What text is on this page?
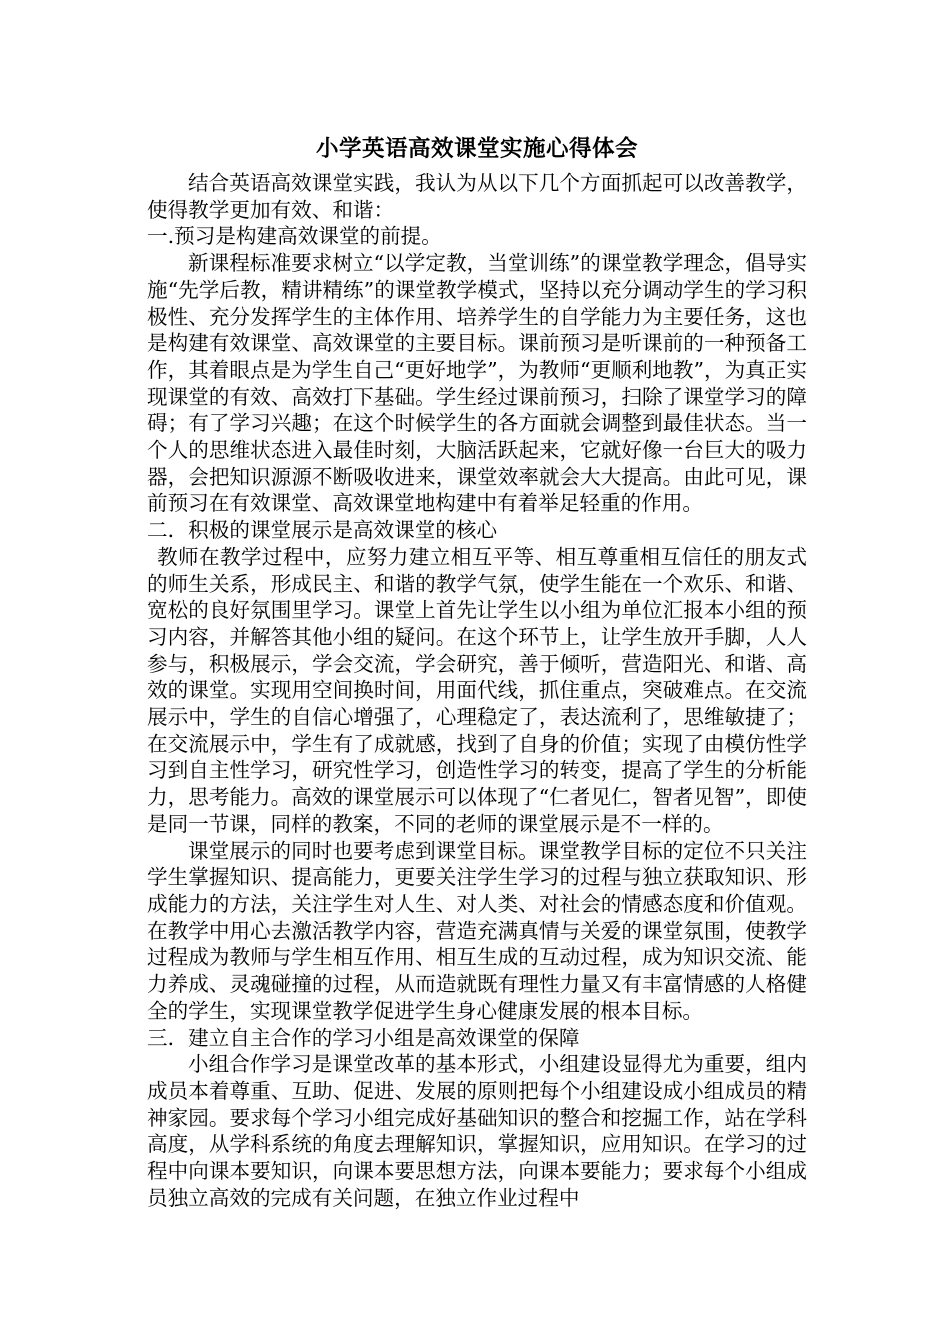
小学英语高效课堂实施心得体会

结合英语高效课堂实践，我认为从以下几个方面抓起可以改善教学，使得教学更加有效、和谐：

一.预习是构建高效课堂的前提。

新课程标准要求树立“以学定教，当堂训练”的课堂教学理念，倡导实施“先学后教，精讲精练”的课堂教学模式，坚持以充分调动学生的学习积极性、充分发挥学生的主体作用、培养学生的自学能力为主要任务，这也是构建有效课堂、高效课堂的主要目标。课前预习是听课前的一种预备工作，其着眼点是为学生自己“更好地学”，为教师“更顺利地教”，为真正实现课堂的有效、高效打下基础。学生经过课前预习，扫除了课堂学习的障碍；有了学习兴趣；在这个时候学生的各方面就会调整到最佳状态。当一个人的思维状态进入最佳时刻，大脑活跃起来，它就好像一台巨大的吸力器，会把知识源源不断吸收进来，课堂效率就会大大提高。由此可见，课前预习在有效课堂、高效课堂地构建中有着举足轻重的作用。

二．积极的课堂展示是高效课堂的核心

教师在教学过程中，应努力建立相互平等、相互尊重相互信任的朋友式的师生关系，形成民主、和谐的教学气氛，使学生能在一个欢乐、和谐、宽松的良好氛围里学习。课堂上首先让学生以小组为单位汇报本小组的预习内容，并解答其他小组的疑问。在这个环节上，让学生放开手脚，人人参与，积极展示，学会交流，学会研究，善于倾听，营造阳光、和谐、高效的课堂。实现用空间换时间，用面代线，抓住重点，突破难点。在交流展示中，学生的自信心增强了，心理稳定了，表达流利了，思维敏捷了；在交流展示中，学生有了成就感，找到了自身的价值；实现了由模仿性学习到自主性学习，研究性学习，创造性学习的转变，提高了学生的分析能力，思考能力。高效的课堂展示可以体现了“仁者见仁，智者见智”，即使是同一节课，同样的教案，不同的老师的课堂展示是不一样的。

课堂展示的同时也要考虑到课堂目标。课堂教学目标的定位不只关注学生掌握知识、提高能力，更要关注学生学习的过程与独立获取知识、形成能力的方法，关注学生对人生、对人类、对社会的情感态度和价值观。在教学中用心去激活教学内容，营造充满真情与关爱的课堂氛围，使教学过程成为教师与学生相互作用、相互生成的互动过程，成为知识交流、能力养成、灵魂碰撞的过程，从而造就既有理性力量又有丰富情感的人格健全的学生，实现课堂教学促进学生身心健康发展的根本目标。

三．建立自主合作的学习小组是高效课堂的保障

小组合作学习是课堂改革的基本形式，小组建设显得尤为重要，组内成员本着尊重、互助、促进、发展的原则把每个小组建设成小组成员的精神家园。要求每个学习小组完成好基础知识的整合和挖掘工作，站在学科高度，从学科系统的角度去理解知识，掌握知识，应用知识。在学习的过程中向课本要知识，向课本要思想方法，向课本要能力；要求每个小组成员独立高效的完成有关问题，在独立作业过程中
